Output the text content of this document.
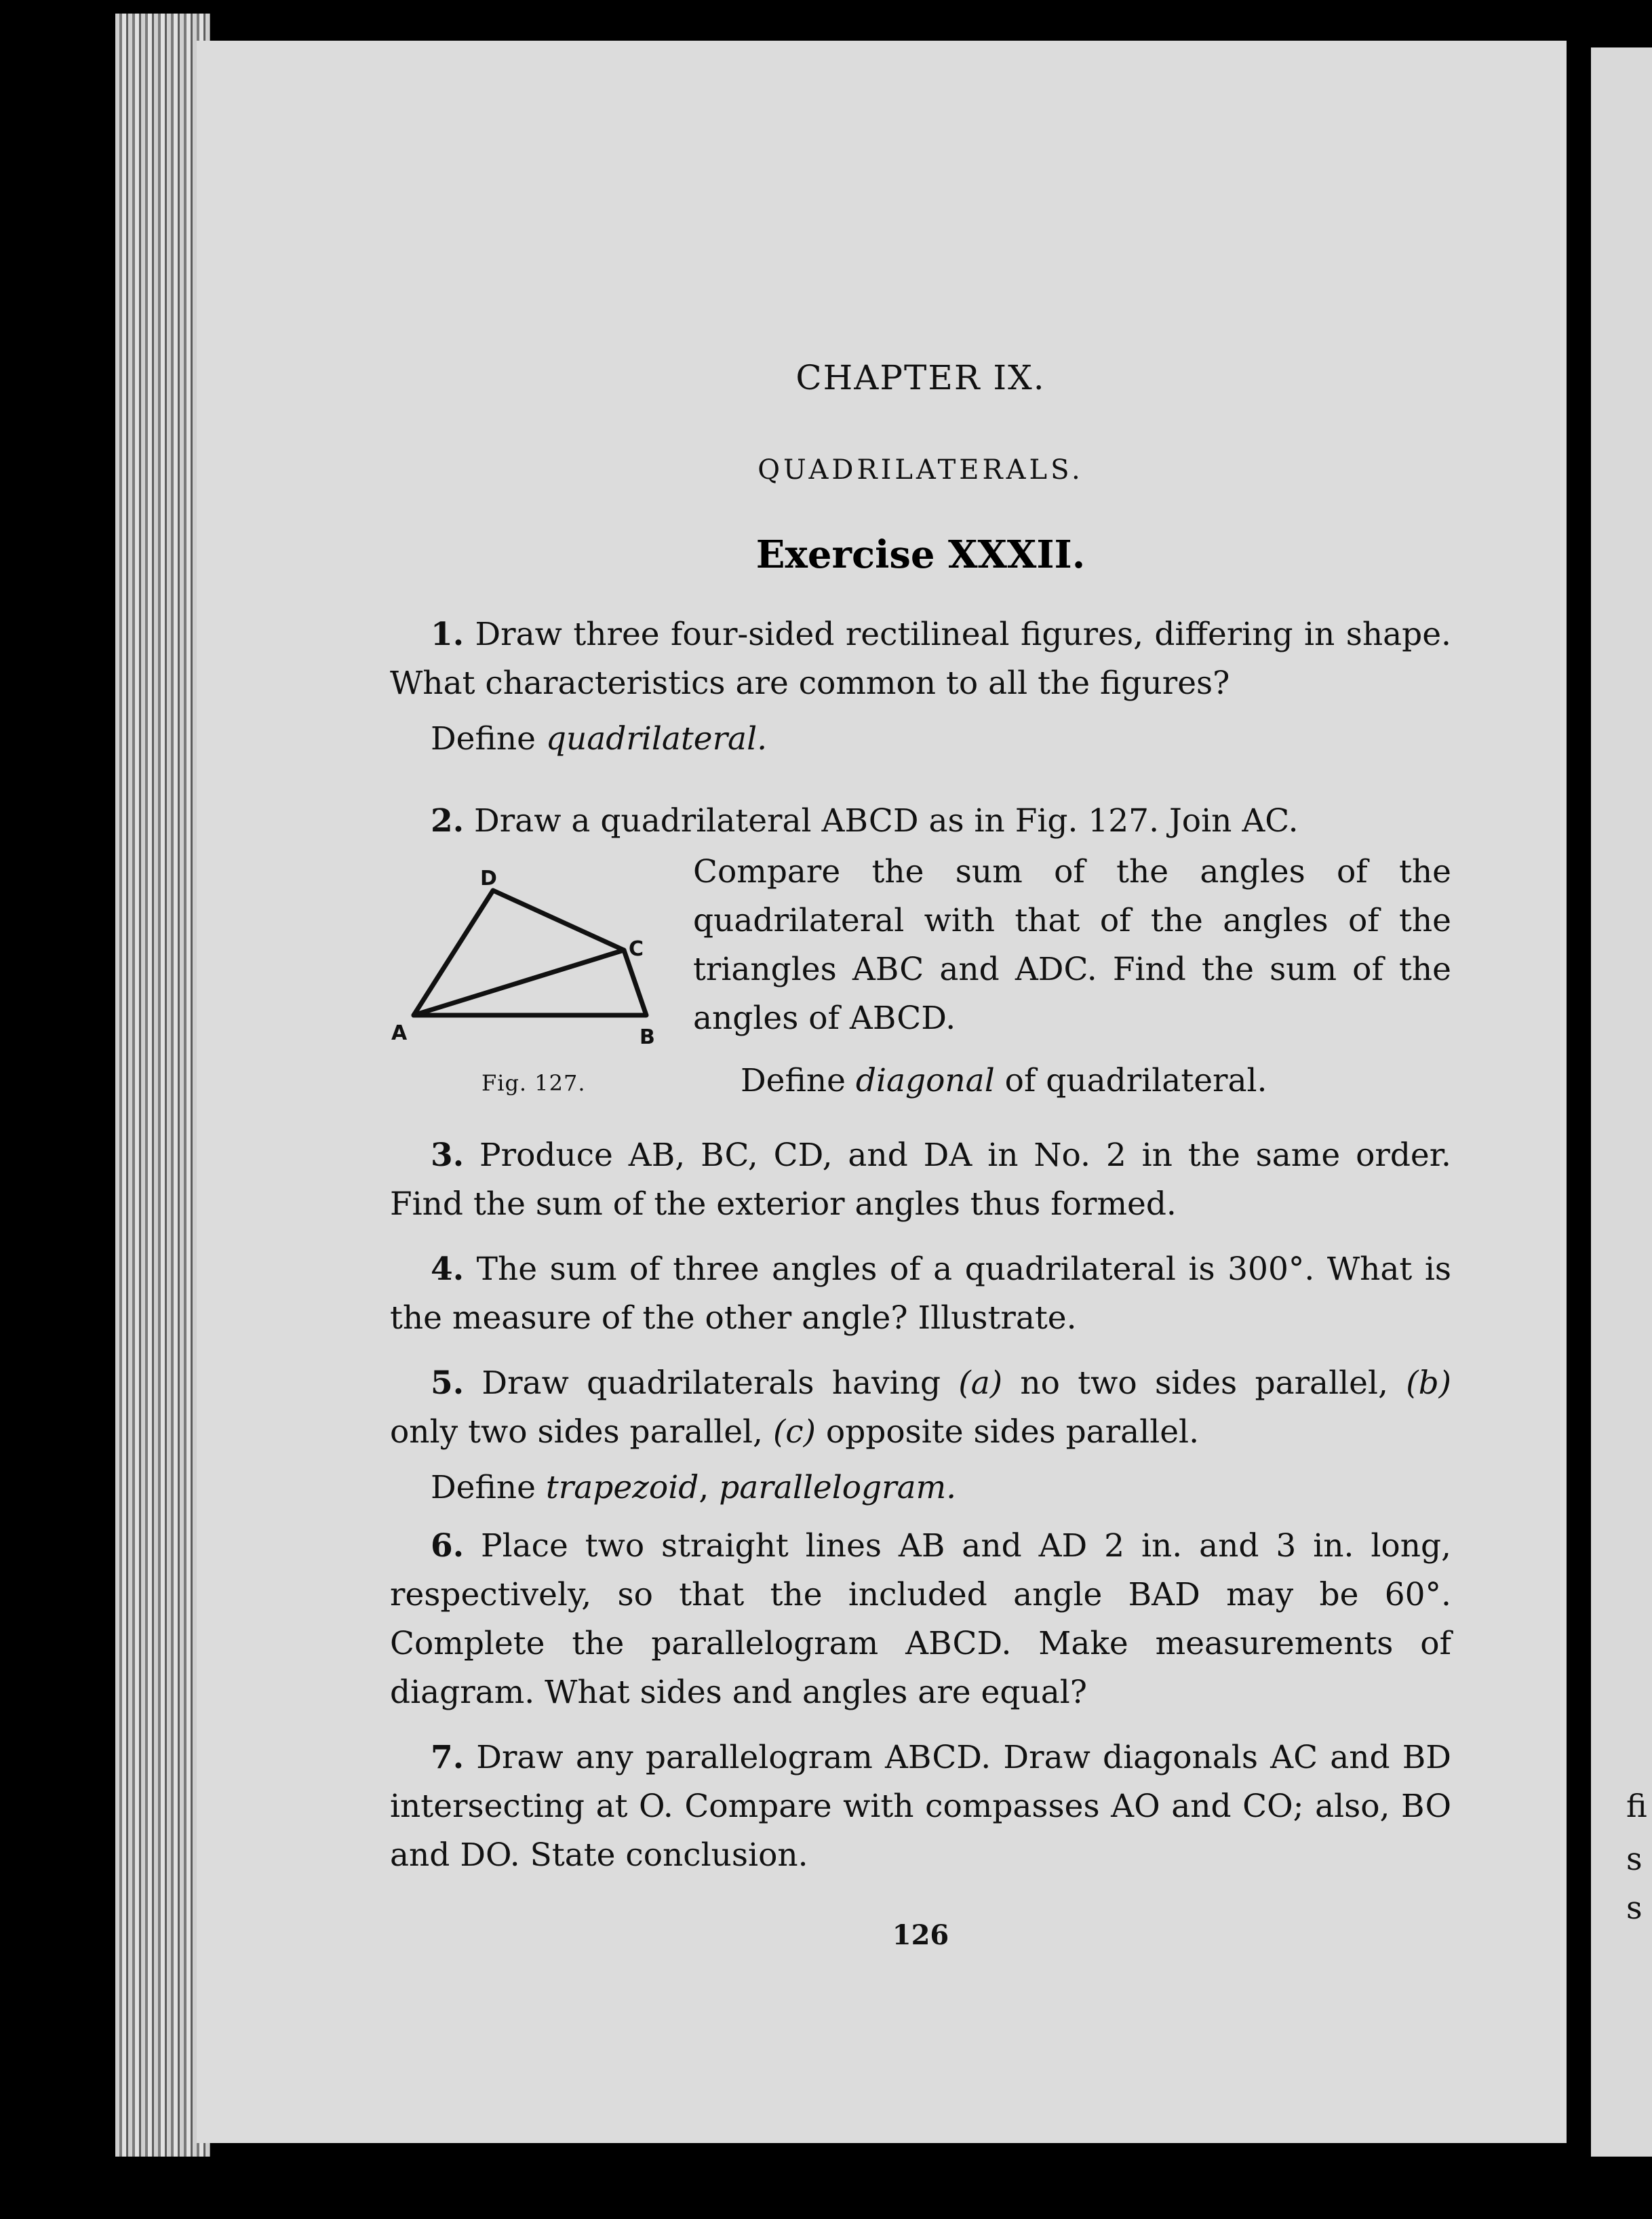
fi
s
s
CHAPTER IX.
QUADRILATERALS.
Exercise XXXII.

1. Draw three four-sided rectilineal figures, differing in shape. What characteristics are common to all the figures?

Define quadrilateral.

2. Draw a quadrilateral ABCD as in Fig. 127. Join AC.

A	B
C
D
Fig. 127.

Compare the sum of the angles of the quadrilateral with that of the angles of the triangles ABC and ADC. Find the sum of the angles of ABCD.

Define diagonal of quadrilateral.

3. Produce AB, BC, CD, and DA in No. 2 in the same order. Find the sum of the exterior angles thus formed.

4. The sum of three angles of a quadrilateral is 300°. What is the measure of the other angle? Illustrate.

5. Draw quadrilaterals having (a) no two sides parallel, (b) only two sides parallel, (c) opposite sides parallel.

Define trapezoid, parallelogram.

6. Place two straight lines AB and AD 2 in. and 3 in. long, respectively, so that the included angle BAD may be 60°. Complete the parallelogram ABCD. Make measurements of diagram. What sides and angles are equal?

7. Draw any parallelogram ABCD. Draw diagonals AC and BD intersecting at O. Compare with compasses AO and CO; also, BO and DO. State conclusion.

126
